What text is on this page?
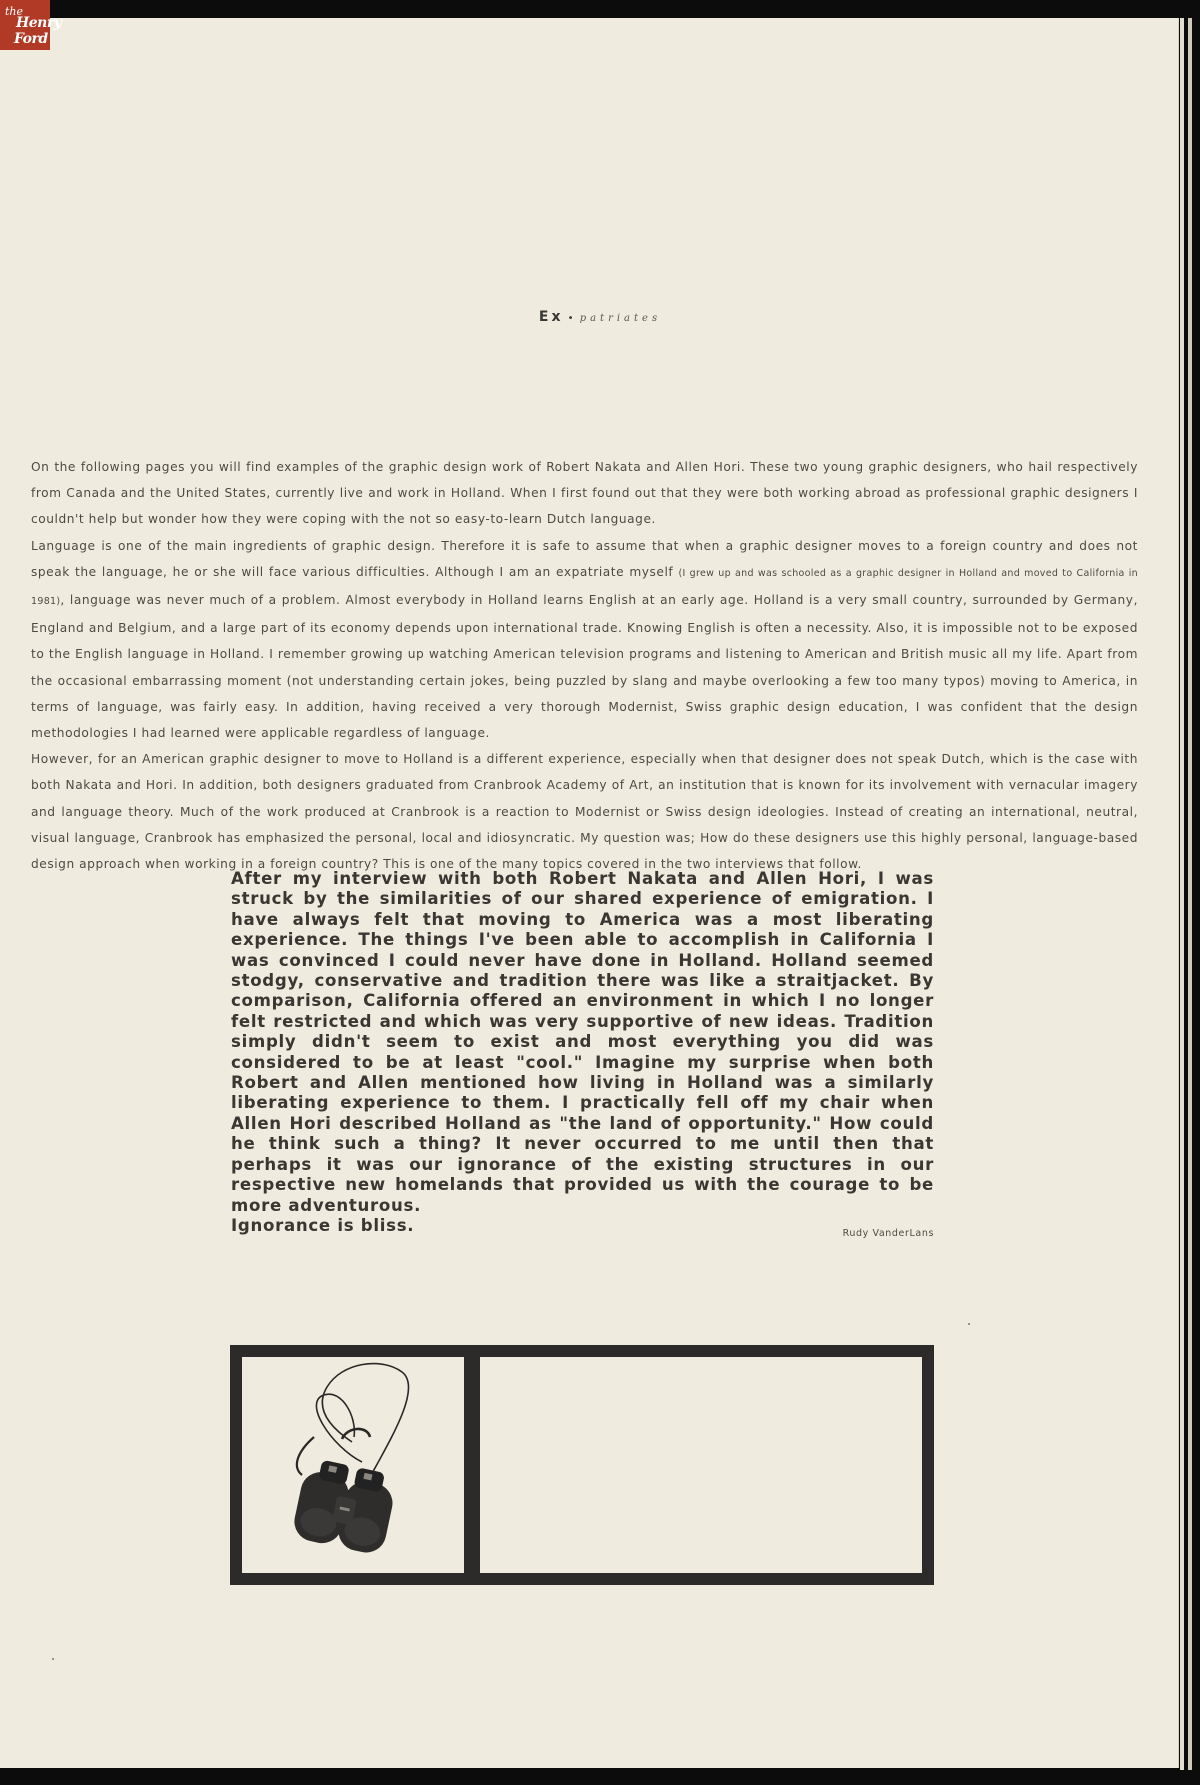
the
Henry
Ford
Ex • patriates

On the following pages you will find examples of the graphic design work of Robert Nakata and Allen Hori. These two young graphic designers, who hail respectively from Canada and the United States, currently live and work in Holland. When I first found out that they were both working abroad as professional graphic designers I couldn't help but wonder how they were coping with the not so easy-to-learn Dutch language.

Language is one of the main ingredients of graphic design. Therefore it is safe to assume that when a graphic designer moves to a foreign country and does not speak the language, he or she will face various difficulties. Although I am an expatriate myself (I grew up and was schooled as a graphic designer in Holland and moved to California in 1981), language was never much of a problem. Almost everybody in Holland learns English at an early age. Holland is a very small country, surrounded by Germany, England and Belgium, and a large part of its economy depends upon international trade. Knowing English is often a necessity. Also, it is impossible not to be exposed to the English language in Holland. I remember growing up watching American television programs and listening to American and British music all my life. Apart from the occasional embarrassing moment (not understanding certain jokes, being puzzled by slang and maybe overlooking a few too many typos) moving to America, in terms of language, was fairly easy. In addition, having received a very thorough Modernist, Swiss graphic design education, I was confident that the design methodologies I had learned were applicable regardless of language.

However, for an American graphic designer to move to Holland is a different experience, especially when that designer does not speak Dutch, which is the case with both Nakata and Hori. In addition, both designers graduated from Cranbrook Academy of Art, an institution that is known for its involvement with vernacular imagery and language theory. Much of the work produced at Cranbrook is a reaction to Modernist or Swiss design ideologies. Instead of creating an international, neutral, visual language, Cranbrook has emphasized the personal, local and idiosyncratic. My question was; How do these designers use this highly personal, language-based design approach when working in a foreign country? This is one of the many topics covered in the two interviews that follow.

After my interview with both Robert Nakata and Allen Hori, I was struck by the similarities of our shared experience of emigration. I have always felt that moving to America was a most liberating experience. The things I've been able to accomplish in California I was convinced I could never have done in Holland. Holland seemed stodgy, conservative and tradition there was like a straitjacket. By comparison, California offered an environment in which I no longer felt restricted and which was very supportive of new ideas. Tradition simply didn't seem to exist and most everything you did was considered to be at least "cool." Imagine my surprise when both Robert and Allen mentioned how living in Holland was a similarly liberating experience to them. I practically fell off my chair when Allen Hori described Holland as "the land of opportunity." How could he think such a thing? It never occurred to me until then that perhaps it was our ignorance of the existing structures in our respective new homelands that provided us with the courage to be more adventurous.
Ignorance is bliss.	Rudy VanderLans
